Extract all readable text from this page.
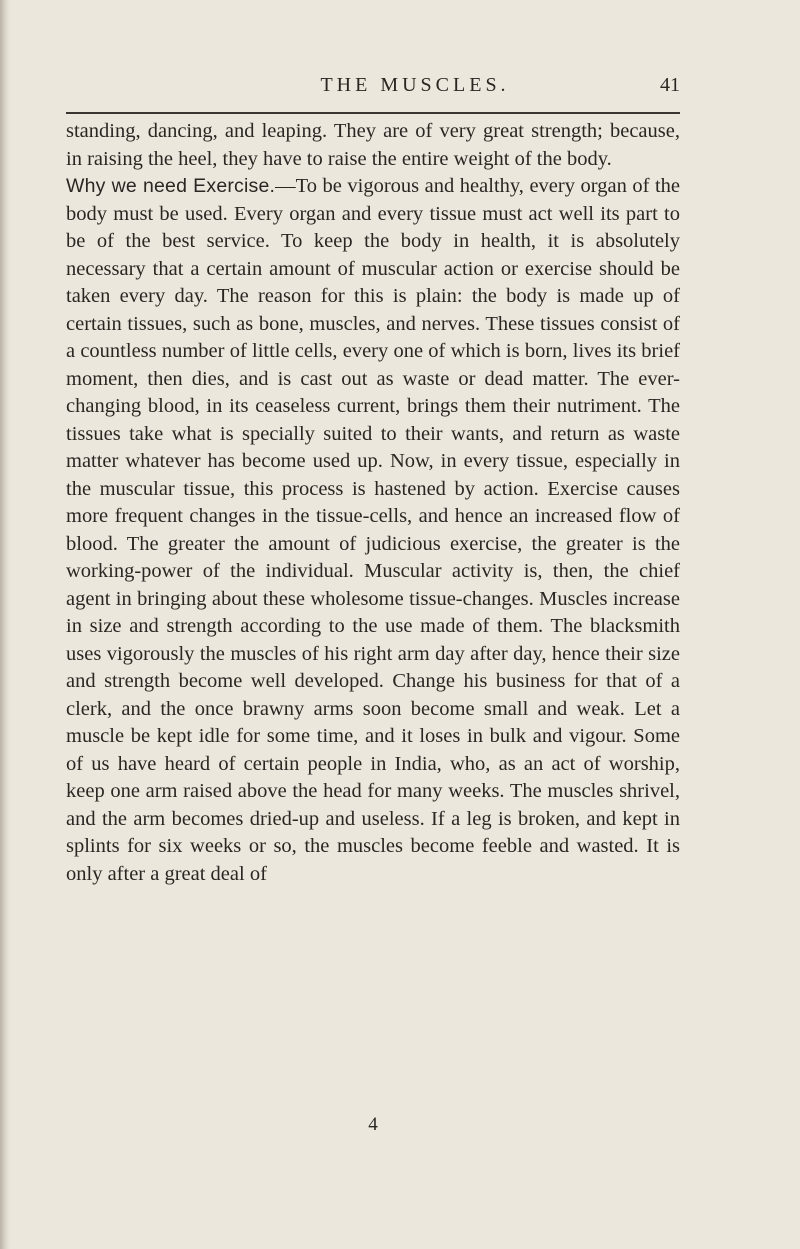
THE MUSCLES.	41

standing, dancing, and leaping. They are of very great strength; because, in raising the heel, they have to raise the entire weight of the body.

Why we need Exercise.—To be vigorous and healthy, every organ of the body must be used. Every organ and every tissue must act well its part to be of the best service. To keep the body in health, it is absolutely necessary that a certain amount of muscular action or exercise should be taken every day. The reason for this is plain: the body is made up of certain tissues, such as bone, muscles, and nerves. These tissues consist of a countless number of little cells, every one of which is born, lives its brief moment, then dies, and is cast out as waste or dead matter. The ever-changing blood, in its ceaseless current, brings them their nutriment. The tissues take what is specially suited to their wants, and return as waste matter whatever has become used up. Now, in every tissue, especially in the muscular tissue, this process is hastened by action. Exercise causes more frequent changes in the tissue-cells, and hence an increased flow of blood. The greater the amount of judicious exercise, the greater is the working-power of the individual. Muscular activity is, then, the chief agent in bringing about these wholesome tissue-changes. Muscles increase in size and strength according to the use made of them. The blacksmith uses vigorously the muscles of his right arm day after day, hence their size and strength become well developed. Change his business for that of a clerk, and the once brawny arms soon become small and weak. Let a muscle be kept idle for some time, and it loses in bulk and vigour. Some of us have heard of certain people in India, who, as an act of worship, keep one arm raised above the head for many weeks. The muscles shrivel, and the arm becomes dried-up and useless. If a leg is broken, and kept in splints for six weeks or so, the muscles become feeble and wasted. It is only after a great deal of

4
